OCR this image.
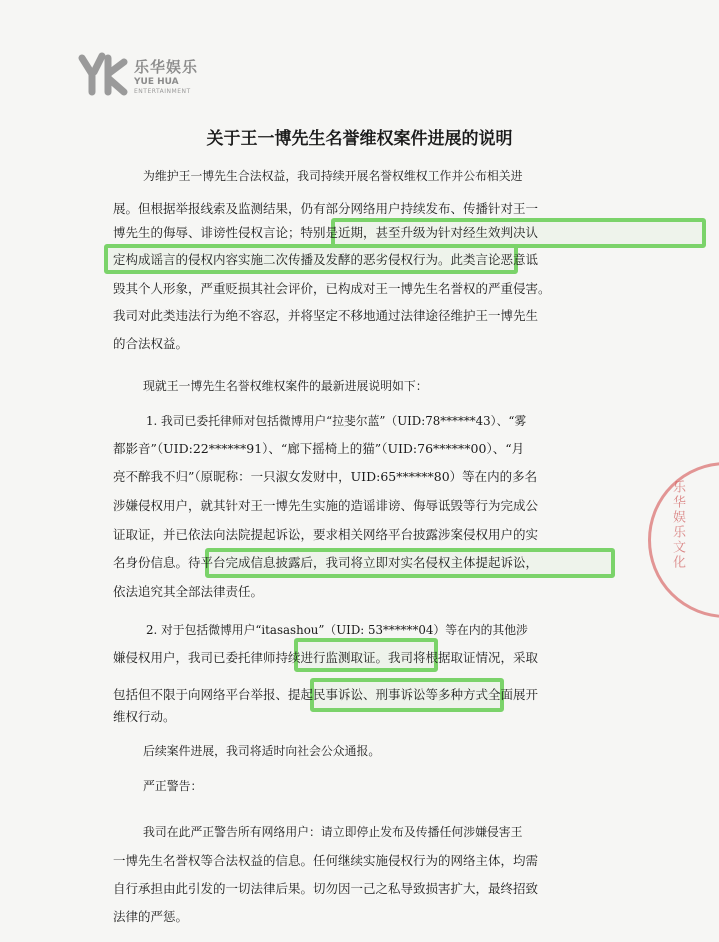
乐华娱乐
YUE HUA
ENTERTAINMENT
关于王一博先生名誉维权案件进展的说明
为维护王一博先生合法权益，我司持续开展名誉权维权工作并公布相关进
展。但根据举报线索及监测结果，仍有部分网络用户持续发布、传播针对王一
博先生的侮辱、诽谤性侵权言论；特别是近期，甚至升级为针对经生效判决认
定构成谣言的侵权内容实施二次传播及发酵的恶劣侵权行为。此类言论恶意诋
毁其个人形象，严重贬损其社会评价，已构成对王一博先生名誉权的严重侵害。
我司对此类违法行为绝不容忍，并将坚定不移地通过法律途径维护王一博先生
的合法权益。
现就王一博先生名誉权维权案件的最新进展说明如下：
1. 我司已委托律师对包括微博用户“拉斐尔蓝”（UID:78******43）、“雾
都影音”（UID:22******91）、“廊下摇椅上的猫”（UID:76******00）、“月
亮不醉我不归”（原昵称：一只淑女发财中，UID:65******80）等在内的多名
涉嫌侵权用户，就其针对王一博先生实施的造谣诽谤、侮辱诋毁等行为完成公
证取证，并已依法向法院提起诉讼，要求相关网络平台披露涉案侵权用户的实
名身份信息。待平台完成信息披露后，我司将立即对实名侵权主体提起诉讼，
依法追究其全部法律责任。
2. 对于包括微博用户“itasashou”（UID: 53******04）等在内的其他涉
嫌侵权用户，我司已委托律师持续进行监测取证。我司将根据取证情况，采取
包括但不限于向网络平台举报、提起民事诉讼、刑事诉讼等多种方式全面展开
维权行动。
后续案件进展，我司将适时向社会公众通报。
严正警告：
我司在此严正警告所有网络用户：请立即停止发布及传播任何涉嫌侵害王
一博先生名誉权等合法权益的信息。任何继续实施侵权行为的网络主体，均需
自行承担由此引发的一切法律后果。切勿因一己之私导致损害扩大，最终招致
法律的严惩。
乐华娱乐文化
